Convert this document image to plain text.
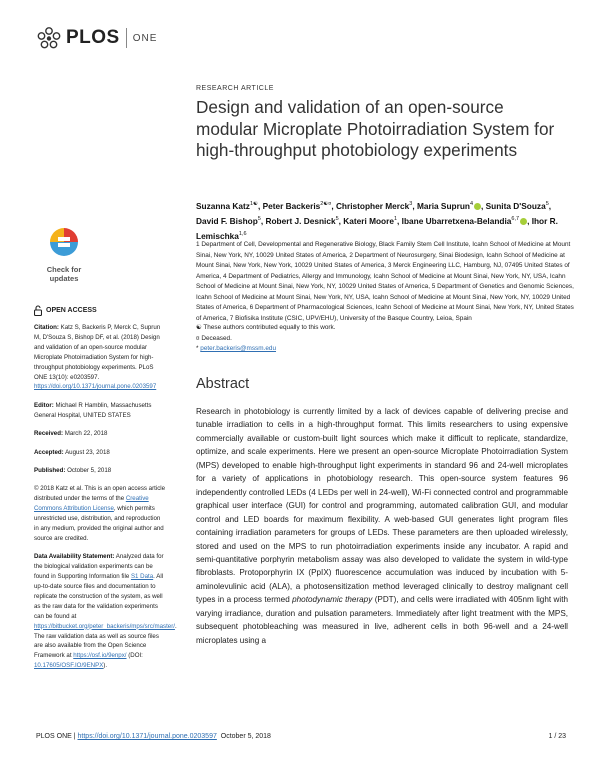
PLOS ONE
RESEARCH ARTICLE
Design and validation of an open-source modular Microplate Photoirradiation System for high-throughput photobiology experiments
Suzanna Katz$^{1☯}$, Peter Backeris$^{2☯¤}$, Christopher Merck$^3$, Maria Suprun$^4$ , Sunita D'Souza$^5$, David F. Bishop$^5$, Robert J. Desnick$^5$, Kateri Moore$^1$, Ibane Ubarretxena-Belandia$^{6,7}$ , Ihor R. Lemischka$^{1,6}$
1 Department of Cell, Developmental and Regenerative Biology, Black Family Stem Cell Institute, Icahn School of Medicine at Mount Sinai, New York, NY, 10029 United States of America, 2 Department of Neurosurgery, Sinai Biodesign, Icahn School of Medicine at Mount Sinai, New York, New York, 10029 United States of America, 3 Merck Engineering LLC, Hamburg, NJ, 07495 United States of America, 4 Department of Pediatrics, Allergy and Immunology, Icahn School of Medicine at Mount Sinai, New York, NY, USA, Icahn School of Medicine at Mount Sinai, New York, NY, 10029 United States of America, 5 Department of Genetics and Genomic Sciences, Icahn School of Medicine at Mount Sinai, New York, NY, USA, Icahn School of Medicine at Mount Sinai, New York, NY, 10029 United States of America, 6 Department of Pharmacological Sciences, Icahn School of Medicine at Mount Sinai, New York, NY, United States of America, 7 Biofisika Institute (CSIC, UPV/EHU), University of the Basque Country, Leioa, Spain
☯ These authors contributed equally to this work.
¤ Deceased.
* peter.backeris@mssm.edu
Abstract
Research in photobiology is currently limited by a lack of devices capable of delivering precise and tunable irradiation to cells in a high-throughput format. This limits researchers to using expensive commercially available or custom-built light sources which make it difficult to replicate, standardize, optimize, and scale experiments. Here we present an open-source Microplate Photoirradiation System (MPS) developed to enable high-throughput light experiments in standard 96 and 24-well microplates for a variety of applications in photobiology research. This open-source system features 96 independently controlled LEDs (4 LEDs per well in 24-well), Wi-Fi connected control and programmable graphical user interface (GUI) for control and programming, automated calibration GUI, and modular control and LED boards for maximum flexibility. A web-based GUI generates light program files containing irradiation parameters for groups of LEDs. These parameters are then uploaded wirelessly, stored and used on the MPS to run photoirradiation experiments inside any incubator. A rapid and semi-quantitative porphyrin metabolism assay was also developed to validate the system in wild-type fibroblasts. Protoporphyrin IX (PpIX) fluorescence accumulation was induced by incubation with 5-aminolevulinic acid (ALA), a photosensitization method leveraged clinically to destroy malignant cell types in a process termed photodynamic therapy (PDT), and cells were irradiated with 405nm light with varying irradiance, duration and pulsation parameters. Immediately after light treatment with the MPS, subsequent photobleaching was measured in live, adherent cells in both 96-well and a 24-well microplates using a
Check for
updates
OPEN ACCESS

Citation: Katz S, Backeris P, Merck C, Suprun M, D'Souza S, Bishop DF, et al. (2018) Design and validation of an open-source modular Microplate Photoirradiation System for high-throughput photobiology experiments. PLoS ONE 13(10): e0203597. https://doi.org/10.1371/journal.pone.0203597

Editor: Michael R Hamblin, Massachusetts General Hospital, UNITED STATES

Received: March 22, 2018

Accepted: August 23, 2018

Published: October 5, 2018

© 2018 Katz et al. This is an open access article distributed under the terms of the Creative Commons Attribution License, which permits unrestricted use, distribution, and reproduction in any medium, provided the original author and source are credited.

Data Availability Statement: Analyzed data for the biological validation experiments can be found in Supporting Information file S1 Data. All up-to-date source files and documentation to replicate the construction of the system, as well as the raw data for the validation experiments can be found at https://bitbucket.org/peter_backeris/mps/src/master/. The raw validation data as well as source files are also available from the Open Science Framework at https://osf.io/9enpx/ (DOI: 10.17605/OSF.IO/9ENPX).

PLOS ONE | https://doi.org/10.1371/journal.pone.0203597 October 5, 2018	1 / 23
